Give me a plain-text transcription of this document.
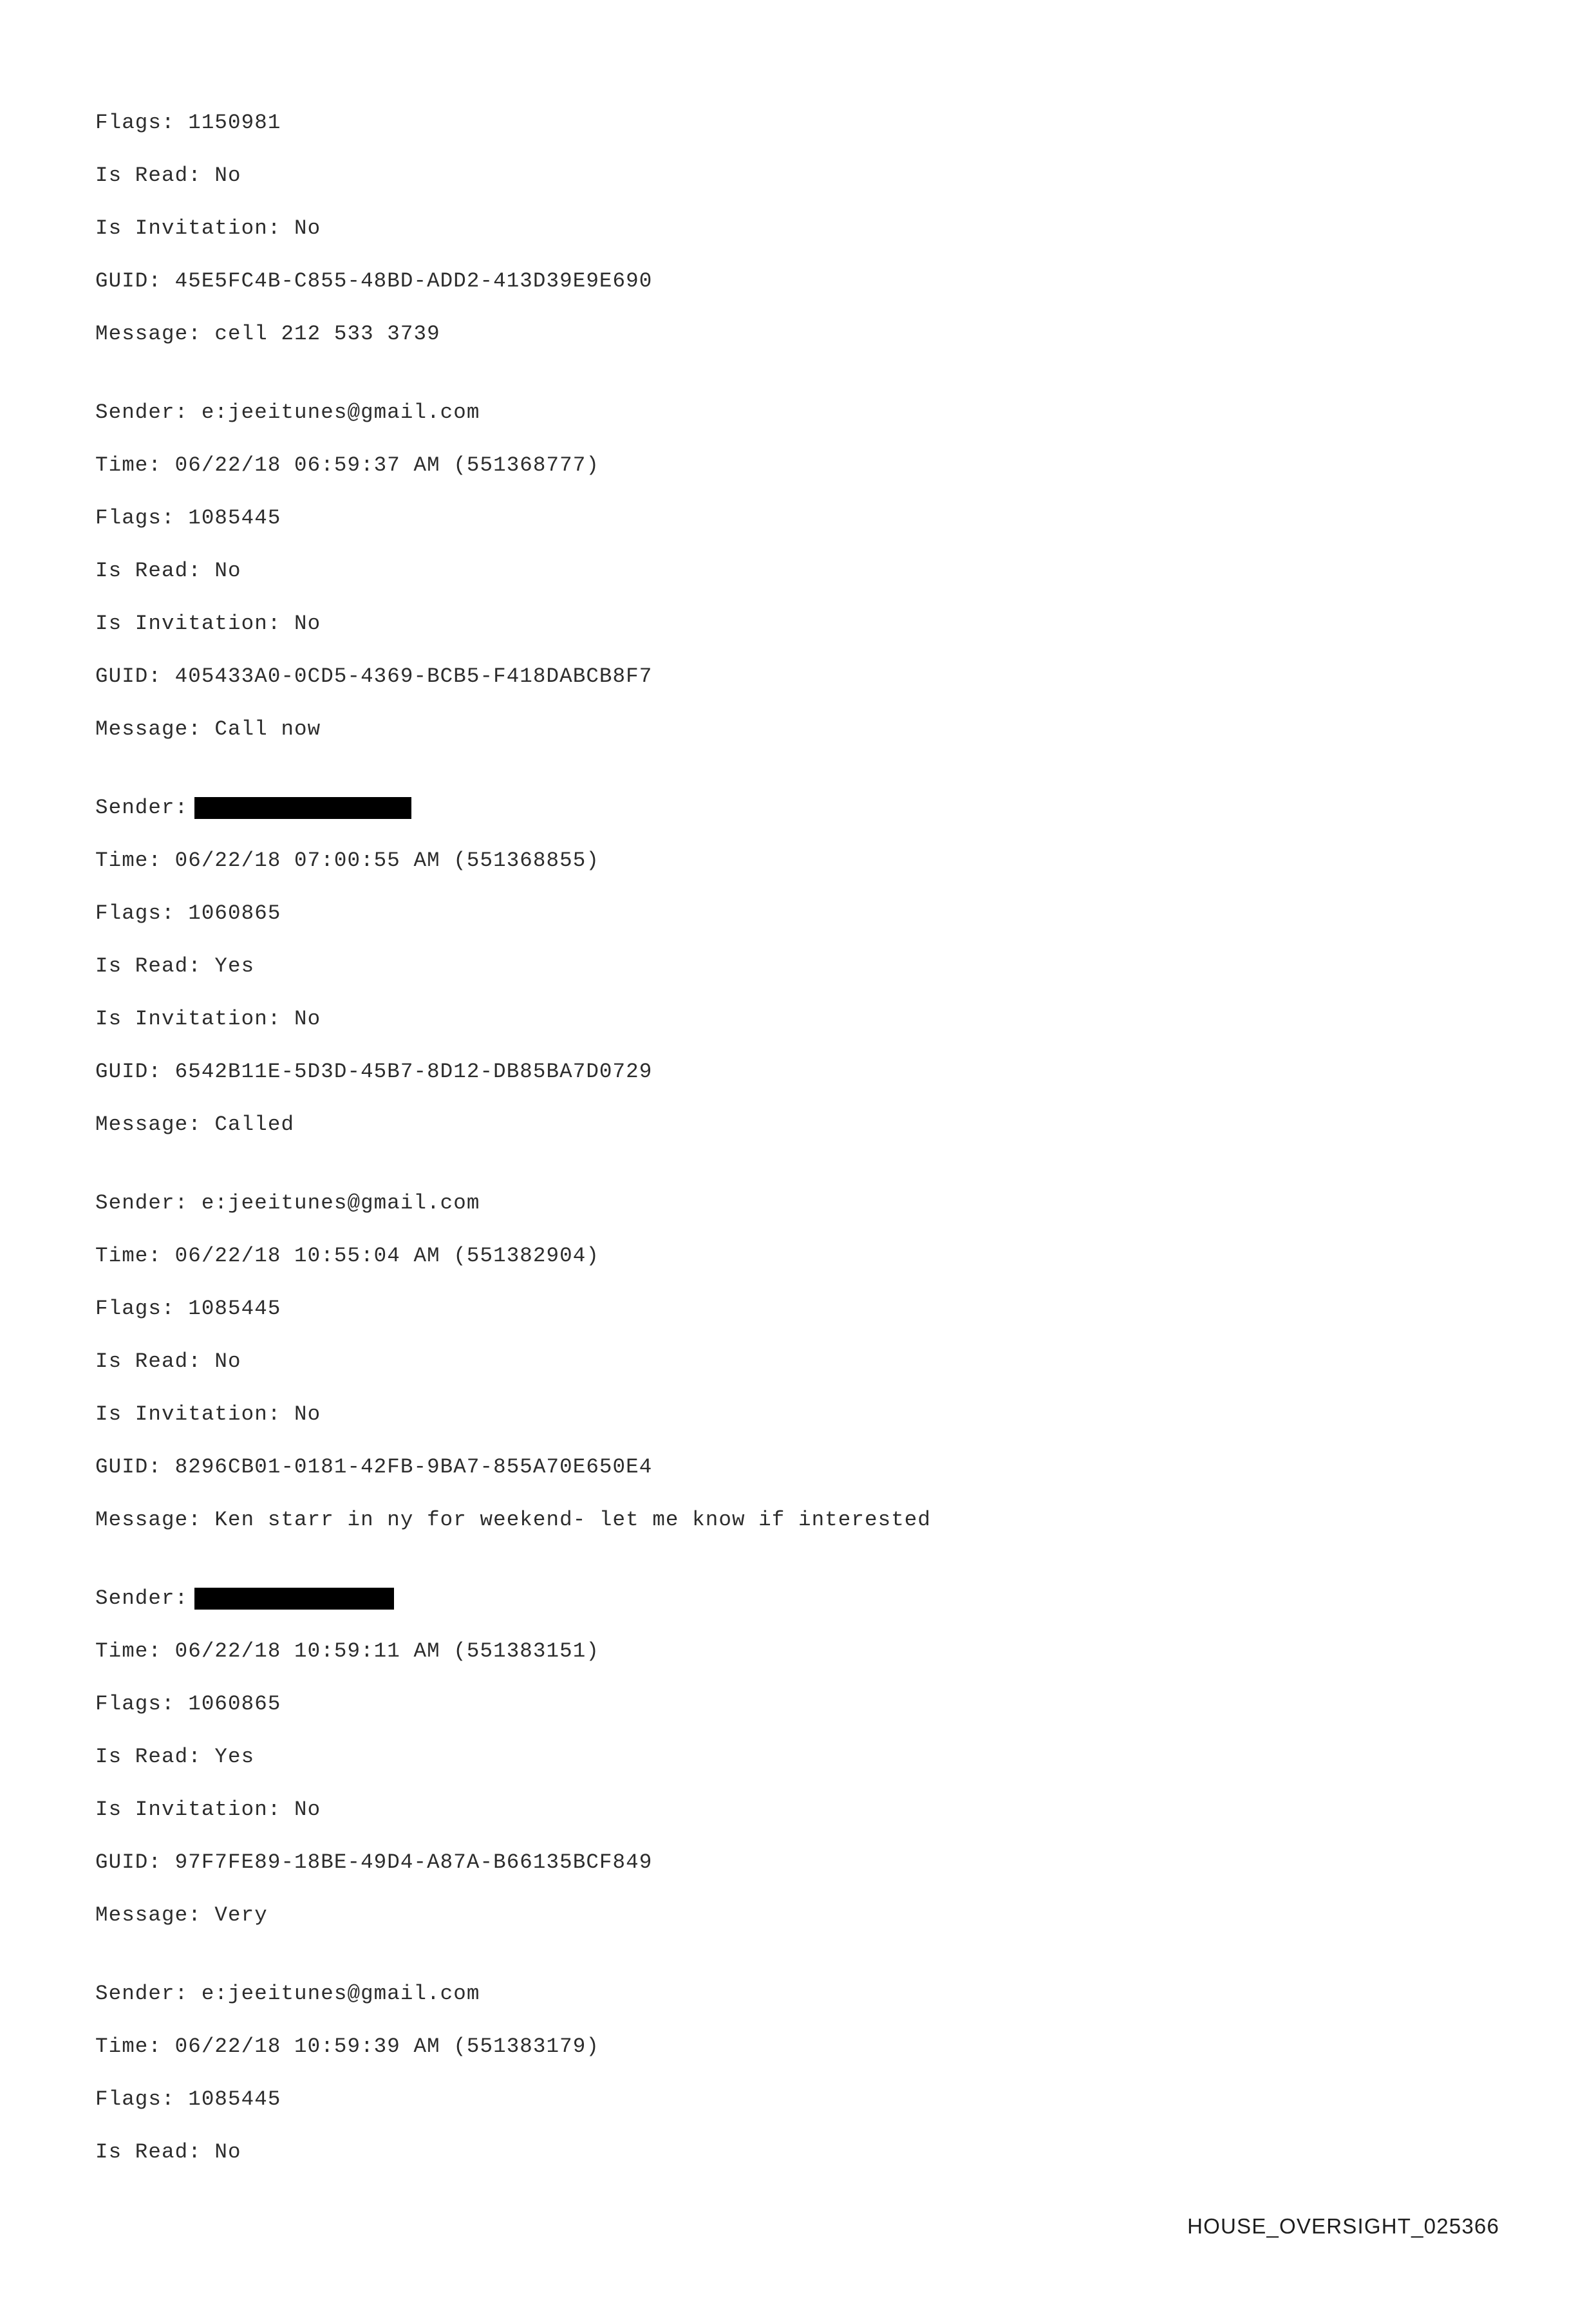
Flags: 1150981
Is Read: No
Is Invitation: No
GUID: 45E5FC4B-C855-48BD-ADD2-413D39E9E690
Message: cell 212 533 3739
Sender: e:jeeitunes@gmail.com
Time: 06/22/18 06:59:37 AM (551368777)
Flags: 1085445
Is Read: No
Is Invitation: No
GUID: 405433A0-0CD5-4369-BCB5-F418DABCB8F7
Message: Call now
Sender:
Time: 06/22/18 07:00:55 AM (551368855)
Flags: 1060865
Is Read: Yes
Is Invitation: No
GUID: 6542B11E-5D3D-45B7-8D12-DB85BA7D0729
Message: Called
Sender: e:jeeitunes@gmail.com
Time: 06/22/18 10:55:04 AM (551382904)
Flags: 1085445
Is Read: No
Is Invitation: No
GUID: 8296CB01-0181-42FB-9BA7-855A70E650E4
Message: Ken starr in ny for weekend- let me know if interested
Sender:
Time: 06/22/18 10:59:11 AM (551383151)
Flags: 1060865
Is Read: Yes
Is Invitation: No
GUID: 97F7FE89-18BE-49D4-A87A-B66135BCF849
Message: Very
Sender: e:jeeitunes@gmail.com
Time: 06/22/18 10:59:39 AM (551383179)
Flags: 1085445
Is Read: No
HOUSE_OVERSIGHT_025366
